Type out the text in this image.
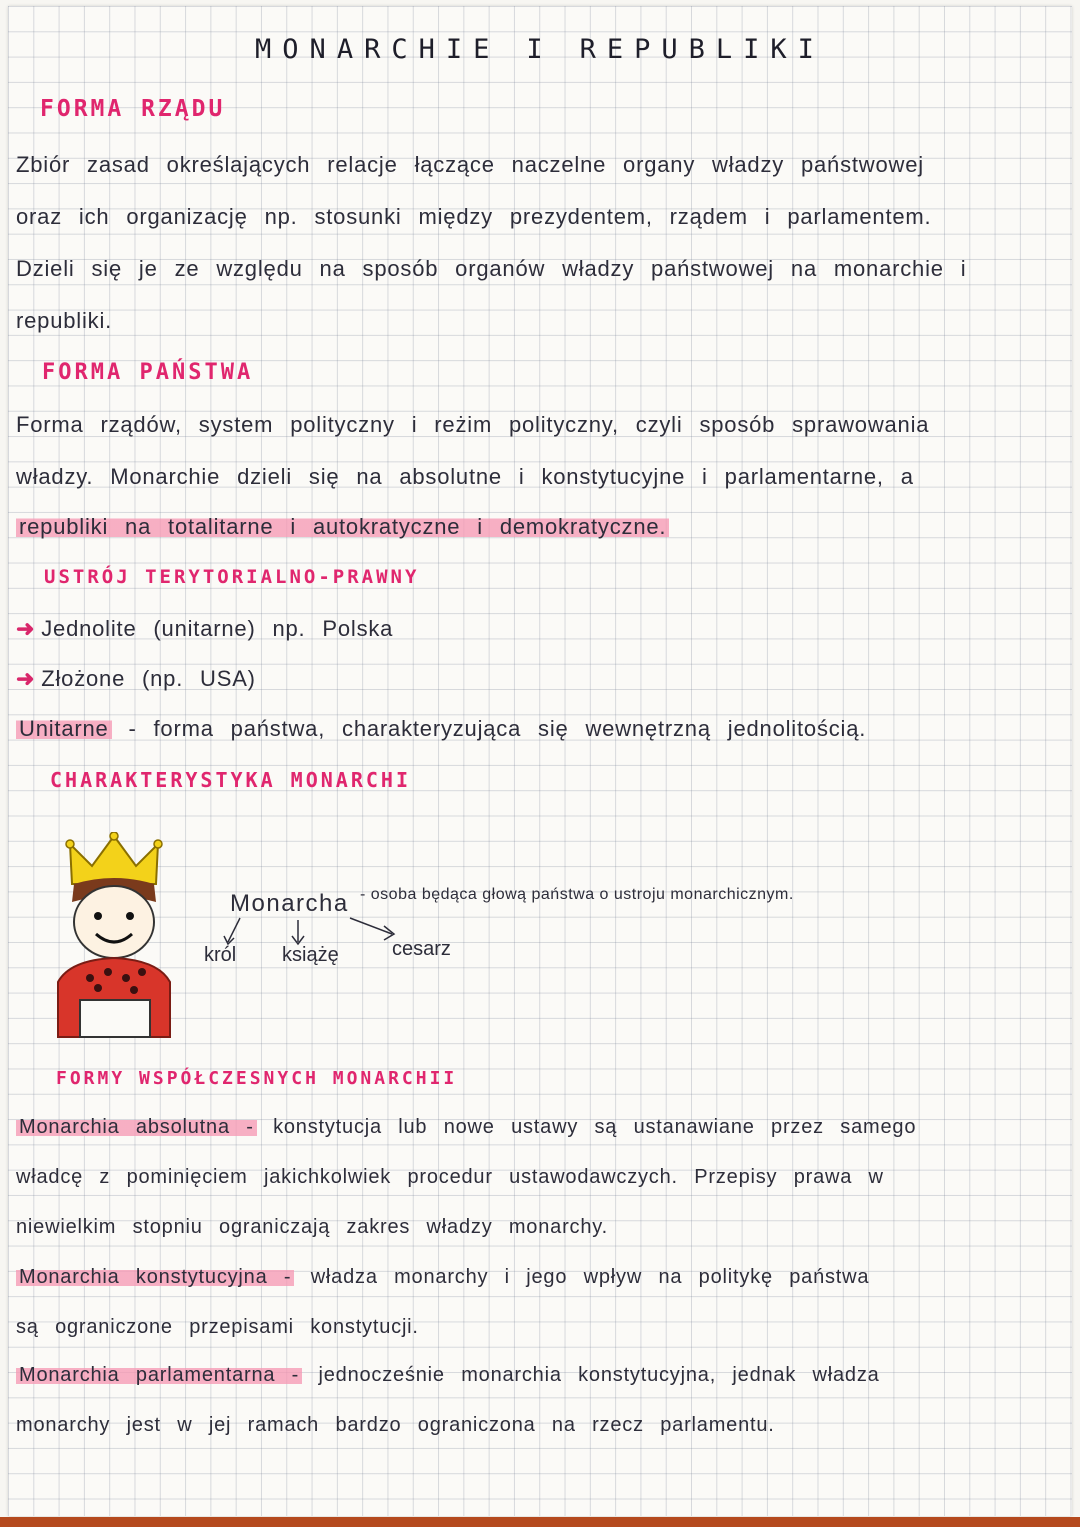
MONARCHIE I REPUBLIKI
FORMA RZĄDU
Zbiór zasad określających relacje łączące naczelne organy władzy państwowej
oraz ich organizację np. stosunki między prezydentem, rządem i parlamentem.
Dzieli się je ze względu na sposób organów władzy państwowej na monarchie i
republiki.
FORMA PAŃSTWA
Forma rządów, system polityczny i reżim polityczny, czyli sposób sprawowania
władzy. Monarchie dzieli się na absolutne i konstytucyjne i parlamentarne, a
republiki na totalitarne i autokratyczne i demokratyczne.
USTRÓJ TERYTORIALNO-PRAWNY
➜ Jednolite (unitarne) np. Polska
➜ Złożone (np. USA)
Unitarne - forma państwa, charakteryzująca się wewnętrzną jednolitością.
CHARAKTERYSTYKA MONARCHI
Monarcha - osoba będąca głową państwa o ustroju monarchicznym.
król książę	cesarz
FORMY WSPÓŁCZESNYCH MONARCHII
Monarchia absolutna - konstytucja lub nowe ustawy są ustanawiane przez samego
władcę z pominięciem jakichkolwiek procedur ustawodawczych. Przepisy prawa w
niewielkim stopniu ograniczają zakres władzy monarchy.
Monarchia konstytucyjna - władza monarchy i jego wpływ na politykę państwa
są ograniczone przepisami konstytucji.
Monarchia parlamentarna - jednocześnie monarchia konstytucyjna, jednak władza
monarchy jest w jej ramach bardzo ograniczona na rzecz parlamentu.
